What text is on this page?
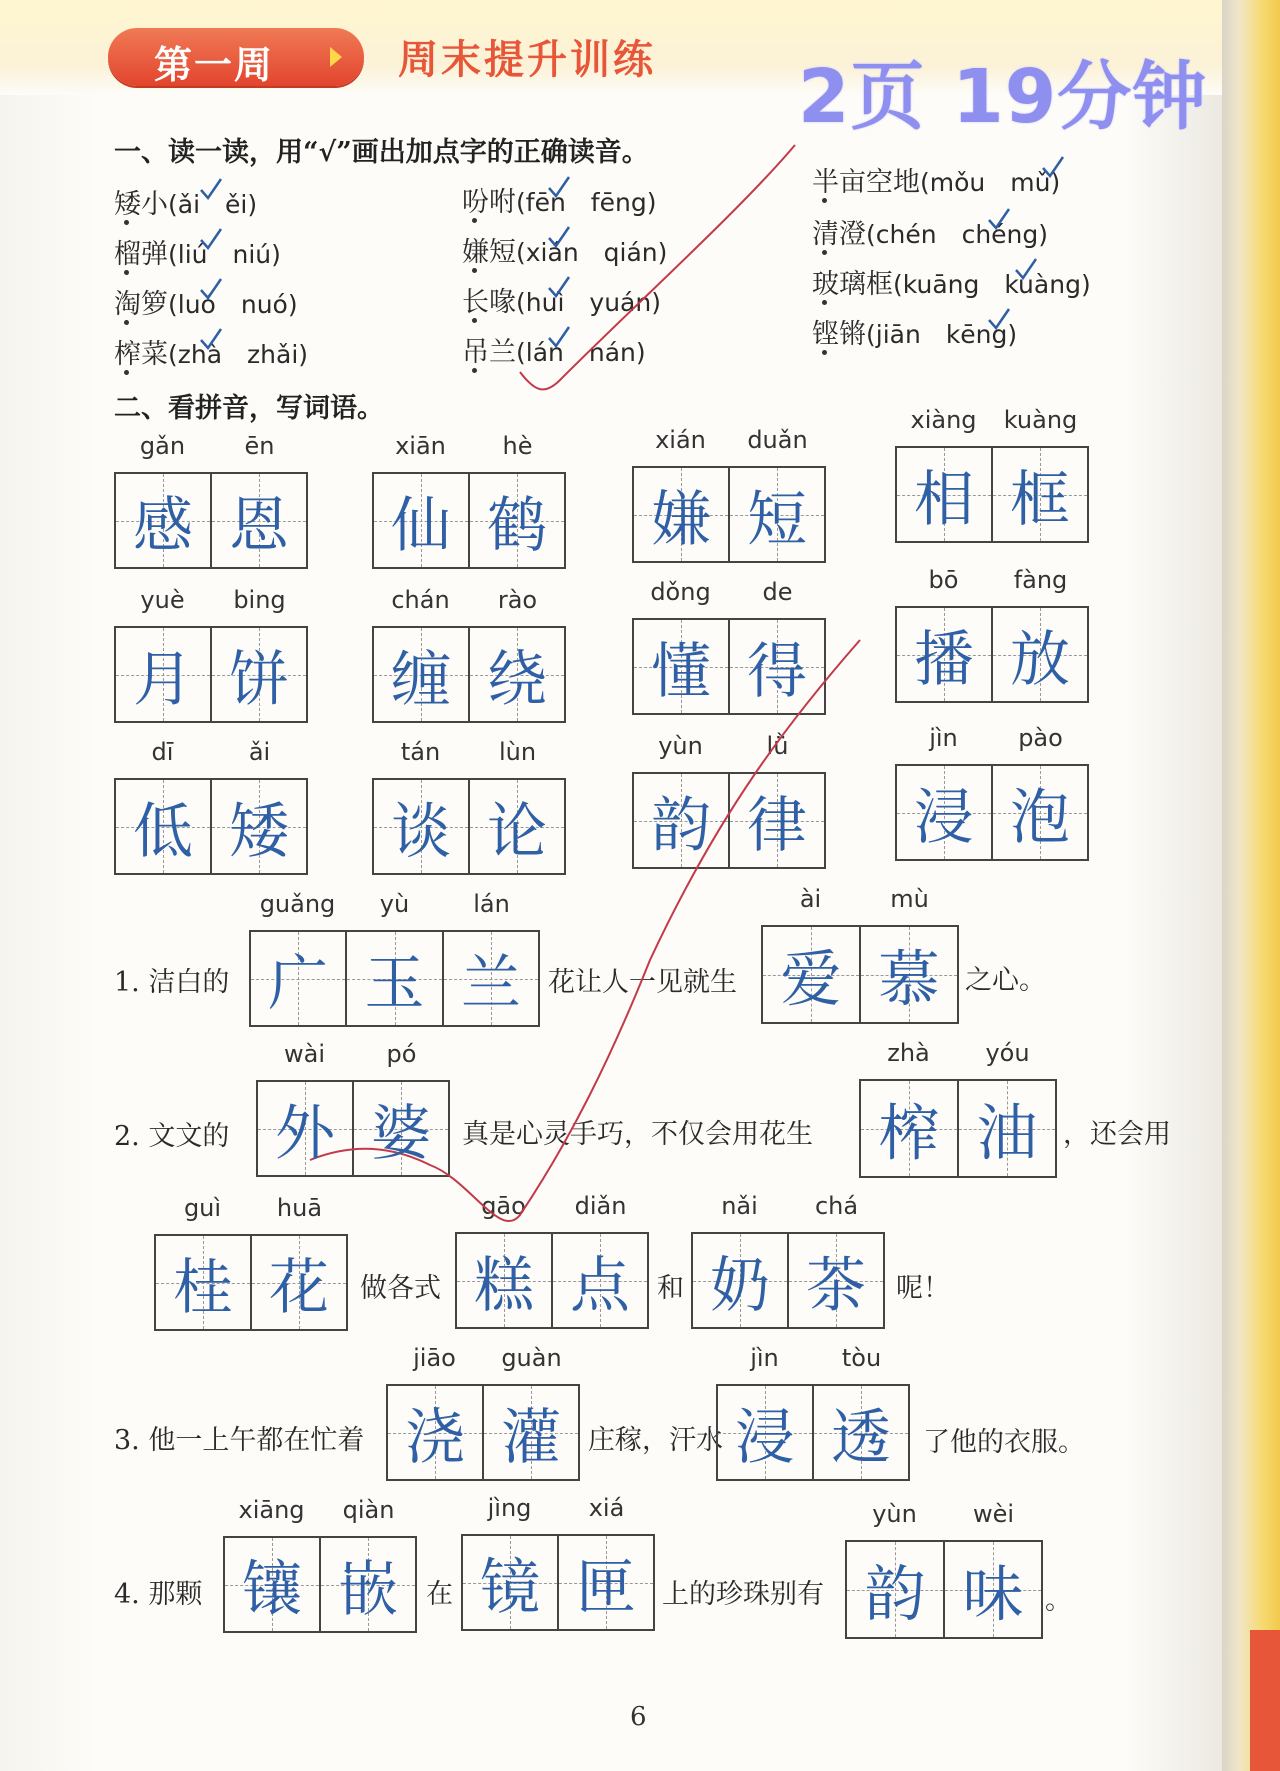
第一周	周末提升训练 2页 19分钟
一、读一读，用“√”画出加点字的正确读音。
矮小(ǎi　ěi)	吩咐(fēn　fēng)
半亩空地(mǒu　mǔ)
榴弹(liú　niú)	嫌短(xián　qián)
清澄(chén　chéng)
淘箩(luó　nuó)	长喙(huì　yuán)
玻璃框(kuāng　kuàng)
榨菜(zhà　zhǎi)	吊兰(lán　nán)
铿锵(jiān　kēng)
二、看拼音，写词语。
gǎn	ēn
感 恩
xiān	hè
仙 鹤
xián	duǎn
嫌 短
xiàng	kuàng
相 框
yuè	bing
月 饼
chán	rào
缠 绕
dǒng	de
懂 得
bō	fàng
播 放
dī	ǎi
低 矮
tán	lùn
谈 论
yùn	lǜ
韵 律
jìn	pào
浸 泡
1. 洁白的
guǎng	yù	lán
广 玉 兰	花让人一见就生
ài	mù
爱 慕 之心。
2. 文文的
wài	pó
外 婆	真是心灵手巧，不仅会用花生
zhà	yóu
榨 油 ，还会用
guì	huā
桂 花	做各式
gāo	diǎn
糕 点	和
nǎi	chá
奶 茶	呢！
3. 他一上午都在忙着
jiāo	guàn
浇 灌	庄稼，汗水
jìn	tòu
浸 透	了他的衣服。
4. 那颗
xiāng	qiàn
镶 嵌	在
jìng	xiá
镜 匣 上的珍珠别有
yùn	wèi
韵 味 。
6
